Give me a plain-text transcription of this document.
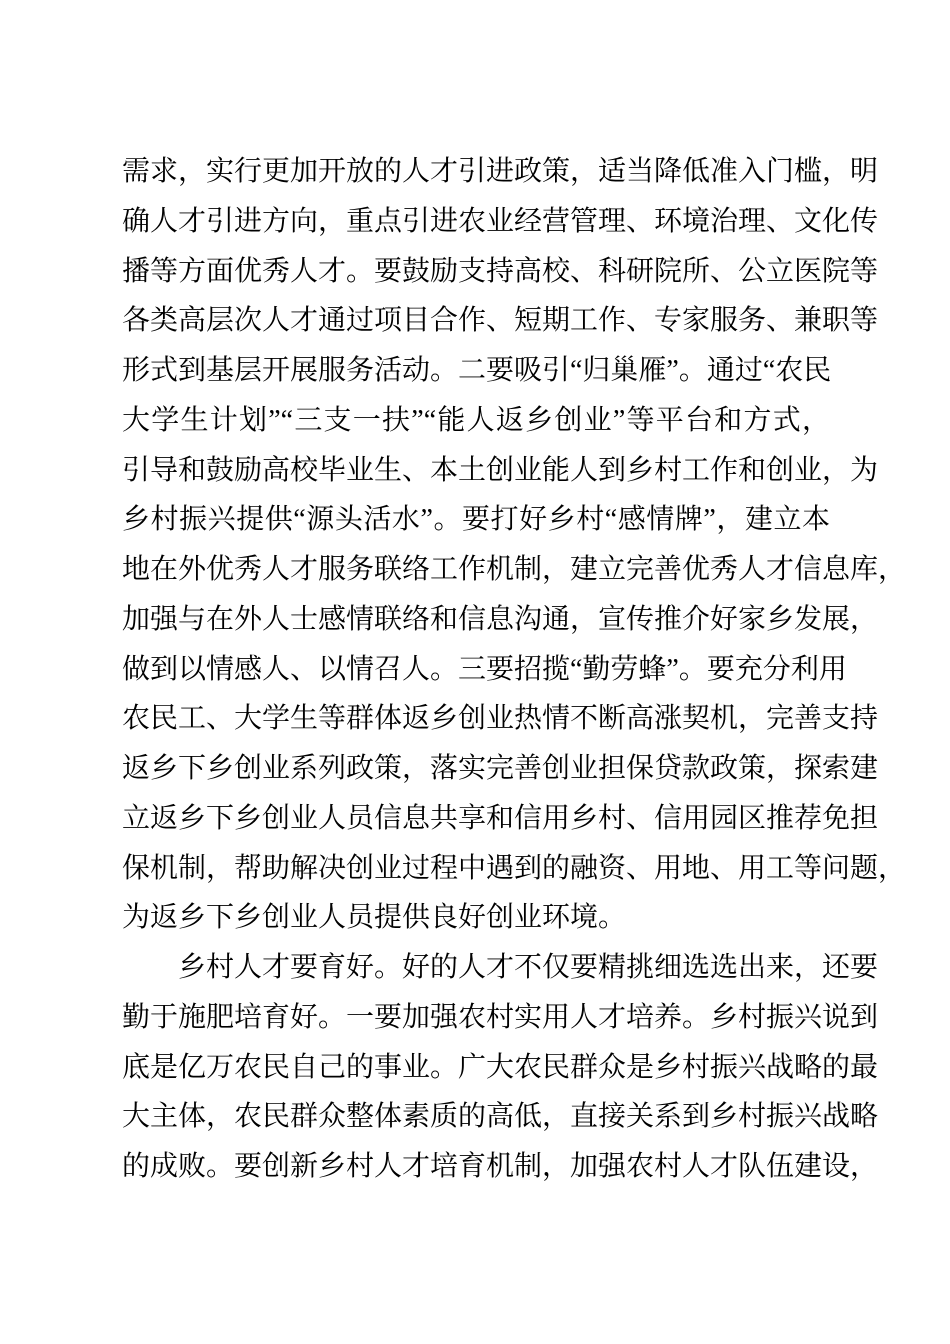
需求，实行更加开放的人才引进政策，适当降低准入门槛，明
确人才引进方向，重点引进农业经营管理、环境治理、文化传
播等方面优秀人才。要鼓励支持高校、科研院所、公立医院等
各类高层次人才通过项目合作、短期工作、专家服务、兼职等
形式到基层开展服务活动。二要吸引“归巢雁”。通过“农民
大学生计划”“三支一扶”“能人返乡创业”等平台和方式，
引导和鼓励高校毕业生、本土创业能人到乡村工作和创业，为
乡村振兴提供“源头活水”。要打好乡村“感情牌”，建立本
地在外优秀人才服务联络工作机制，建立完善优秀人才信息库，
加强与在外人士感情联络和信息沟通，宣传推介好家乡发展，
做到以情感人、以情召人。三要招揽“勤劳蜂”。要充分利用
农民工、大学生等群体返乡创业热情不断高涨契机，完善支持
返乡下乡创业系列政策，落实完善创业担保贷款政策，探索建
立返乡下乡创业人员信息共享和信用乡村、信用园区推荐免担
保机制，帮助解决创业过程中遇到的融资、用地、用工等问题，
为返乡下乡创业人员提供良好创业环境。
乡村人才要育好。好的人才不仅要精挑细选选出来，还要
勤于施肥培育好。一要加强农村实用人才培养。乡村振兴说到
底是亿万农民自己的事业。广大农民群众是乡村振兴战略的最
大主体，农民群众整体素质的高低，直接关系到乡村振兴战略
的成败。要创新乡村人才培育机制，加强农村人才队伍建设，
